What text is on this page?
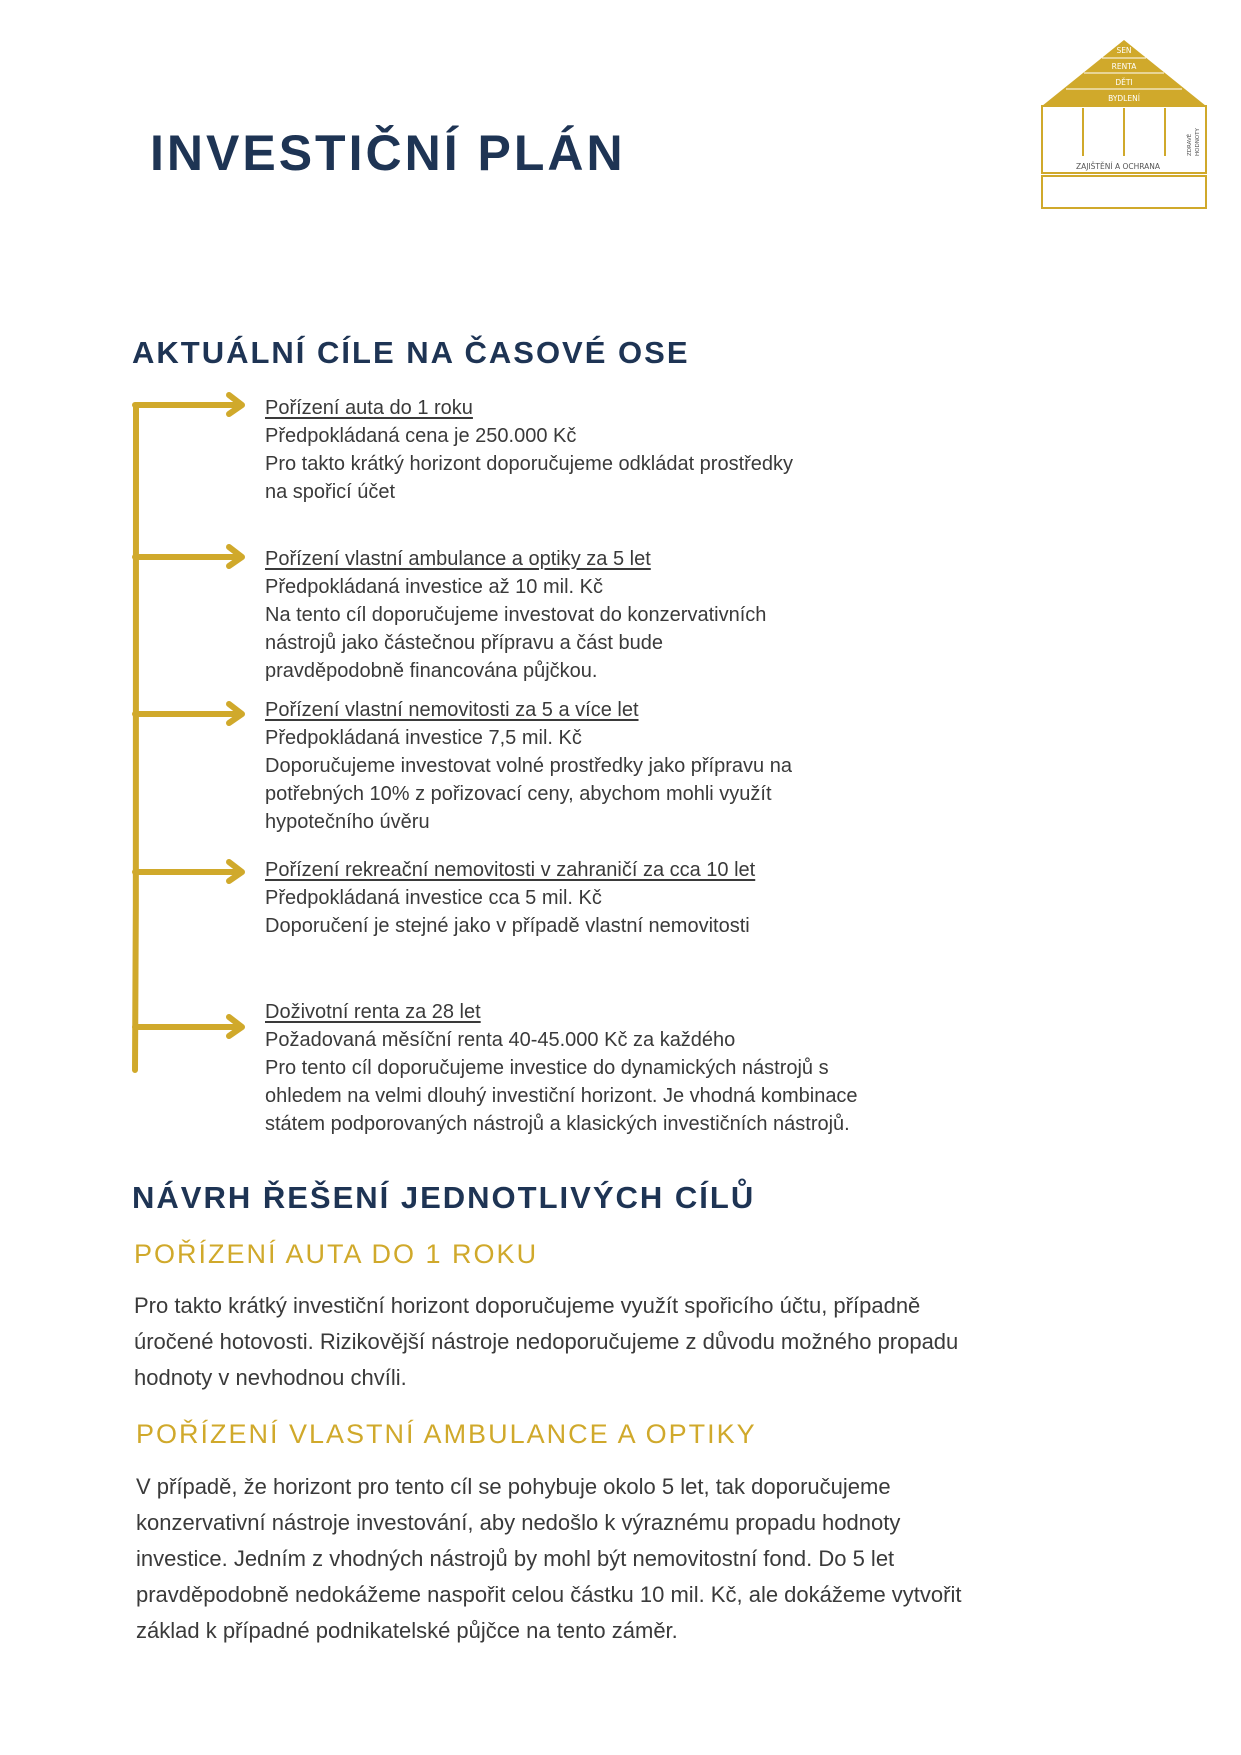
INVESTIČNÍ PLÁN
SEN
RENTA
DĚTI
BYDLENÍ
ZDRAVÉ HODNOTY
ZAJIŠTĚNÍ A OCHRANA
AKTUÁLNÍ CÍLE NA ČASOVÉ OSE

Pořízení auta do 1 roku

Předpokládaná cena je 250.000 Kč

Pro takto krátký horizont doporučujeme odkládat prostředky

na spořicí účet

Pořízení vlastní ambulance a optiky za 5 let

Předpokládaná investice až 10 mil. Kč

Na tento cíl doporučujeme investovat do konzervativních

nástrojů jako částečnou přípravu a část bude

pravděpodobně financována půjčkou.

Pořízení vlastní nemovitosti za 5 a více let

Předpokládaná investice 7,5 mil. Kč

Doporučujeme investovat volné prostředky jako přípravu na

potřebných 10% z pořizovací ceny, abychom mohli využít

hypotečního úvěru

Pořízení rekreační nemovitosti v zahraničí za cca 10 let

Předpokládaná investice cca 5 mil. Kč

Doporučení je stejné jako v případě vlastní nemovitosti

Doživotní renta za 28 let

Požadovaná měsíční renta 40-45.000 Kč za každého

Pro tento cíl doporučujeme investice do dynamických nástrojů s

ohledem na velmi dlouhý investiční horizont. Je vhodná kombinace

státem podporovaných nástrojů a klasických investičních nástrojů.

NÁVRH ŘEŠENÍ JEDNOTLIVÝCH CÍLŮ
POŘÍZENÍ AUTA DO 1 ROKU
Pro takto krátký investiční horizont doporučujeme využít spořicího účtu, případně
úročené hotovosti. Rizikovější nástroje nedoporučujeme z důvodu možného propadu
hodnoty v nevhodnou chvíli.
POŘÍZENÍ VLASTNÍ AMBULANCE A OPTIKY
V případě, že horizont pro tento cíl se pohybuje okolo 5 let, tak doporučujeme
konzervativní nástroje investování, aby nedošlo k výraznému propadu hodnoty
investice. Jedním z vhodných nástrojů by mohl být nemovitostní fond. Do 5 let
pravděpodobně nedokážeme naspořit celou částku 10 mil. Kč, ale dokážeme vytvořit
základ k případné podnikatelské půjčce na tento záměr.
